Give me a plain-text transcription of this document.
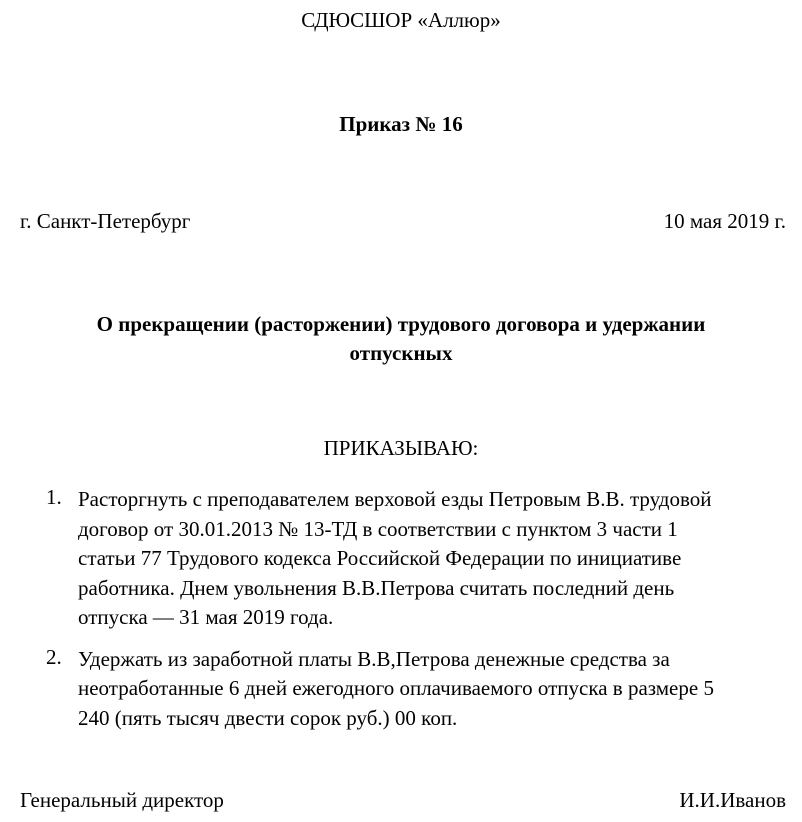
СДЮСШОР «Аллюр»
Приказ № 16
г. Санкт-Петербург	10 мая 2019 г.
О прекращении (расторжении) трудового договора и удержании
отпускных
ПРИКАЗЫВАЮ:
1. Расторгнуть с преподавателем верховой езды Петровым В.В. трудовой
договор от 30.01.2013 № 13-ТД в соответствии с пунктом 3 части 1
статьи 77 Трудового кодекса Российской Федерации по инициативе
работника. Днем увольнения В.В.Петрова считать последний день
отпуска — 31 мая 2019 года.
2. Удержать из заработной платы В.В,Петрова денежные средства за
неотработанные 6 дней ежегодного оплачиваемого отпуска в размере 5
240 (пять тысяч двести сорок руб.) 00 коп.
Генеральный директор	И.И.Иванов
